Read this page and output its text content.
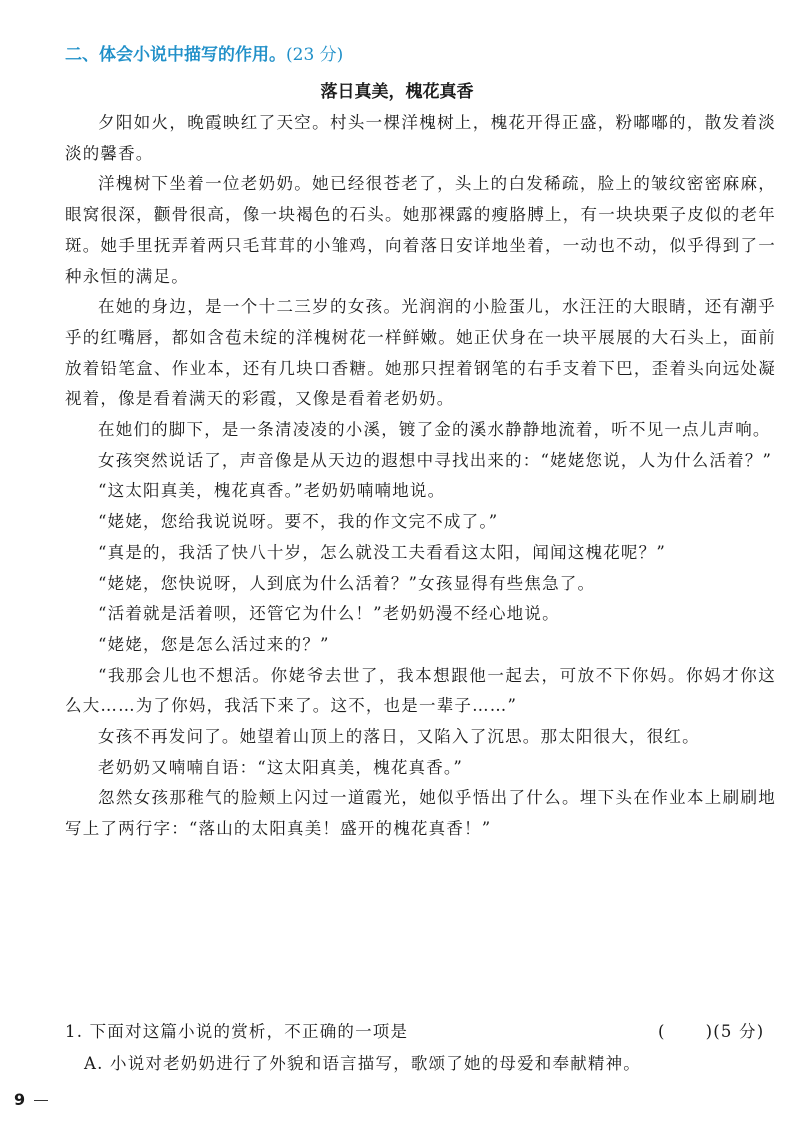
二、体会小说中描写的作用。(23 分)
落日真美，槐花真香

夕阳如火，晚霞映红了天空。村头一棵洋槐树上，槐花开得正盛，粉嘟嘟的，散发着淡淡的馨香。

洋槐树下坐着一位老奶奶。她已经很苍老了，头上的白发稀疏，脸上的皱纹密密麻麻，眼窝很深，颧骨很高，像一块褐色的石头。她那裸露的瘦胳膊上，有一块块栗子皮似的老年斑。她手里抚弄着两只毛茸茸的小雏鸡，向着落日安详地坐着，一动也不动，似乎得到了一种永恒的满足。

在她的身边，是一个十二三岁的女孩。光润润的小脸蛋儿，水汪汪的大眼睛，还有潮乎乎的红嘴唇，都如含苞未绽的洋槐树花一样鲜嫩。她正伏身在一块平展展的大石头上，面前放着铅笔盒、作业本，还有几块口香糖。她那只捏着钢笔的右手支着下巴，歪着头向远处凝视着，像是看着满天的彩霞，又像是看着老奶奶。

在她们的脚下，是一条清凌凌的小溪，镀了金的溪水静静地流着，听不见一点儿声响。

女孩突然说话了，声音像是从天边的遐想中寻找出来的：“姥姥您说，人为什么活着？”

“这太阳真美，槐花真香。”老奶奶喃喃地说。

“姥姥，您给我说说呀。要不，我的作文完不成了。”

“真是的，我活了快八十岁，怎么就没工夫看看这太阳，闻闻这槐花呢？”

“姥姥，您快说呀，人到底为什么活着？”女孩显得有些焦急了。

“活着就是活着呗，还管它为什么！”老奶奶漫不经心地说。

“姥姥，您是怎么活过来的？”

“我那会儿也不想活。你姥爷去世了，我本想跟他一起去，可放不下你妈。你妈才你这么大……为了你妈，我活下来了。这不，也是一辈子……”

女孩不再发问了。她望着山顶上的落日，又陷入了沉思。那太阳很大，很红。

老奶奶又喃喃自语：“这太阳真美，槐花真香。”

忽然女孩那稚气的脸颊上闪过一道霞光，她似乎悟出了什么。埋下头在作业本上刷刷地写上了两行字：“落山的太阳真美！盛开的槐花真香！”

1. 下面对这篇小说的赏析，不正确的一项是	( )(5 分)
A. 小说对老奶奶进行了外貌和语言描写，歌颂了她的母爱和奉献精神。
9
